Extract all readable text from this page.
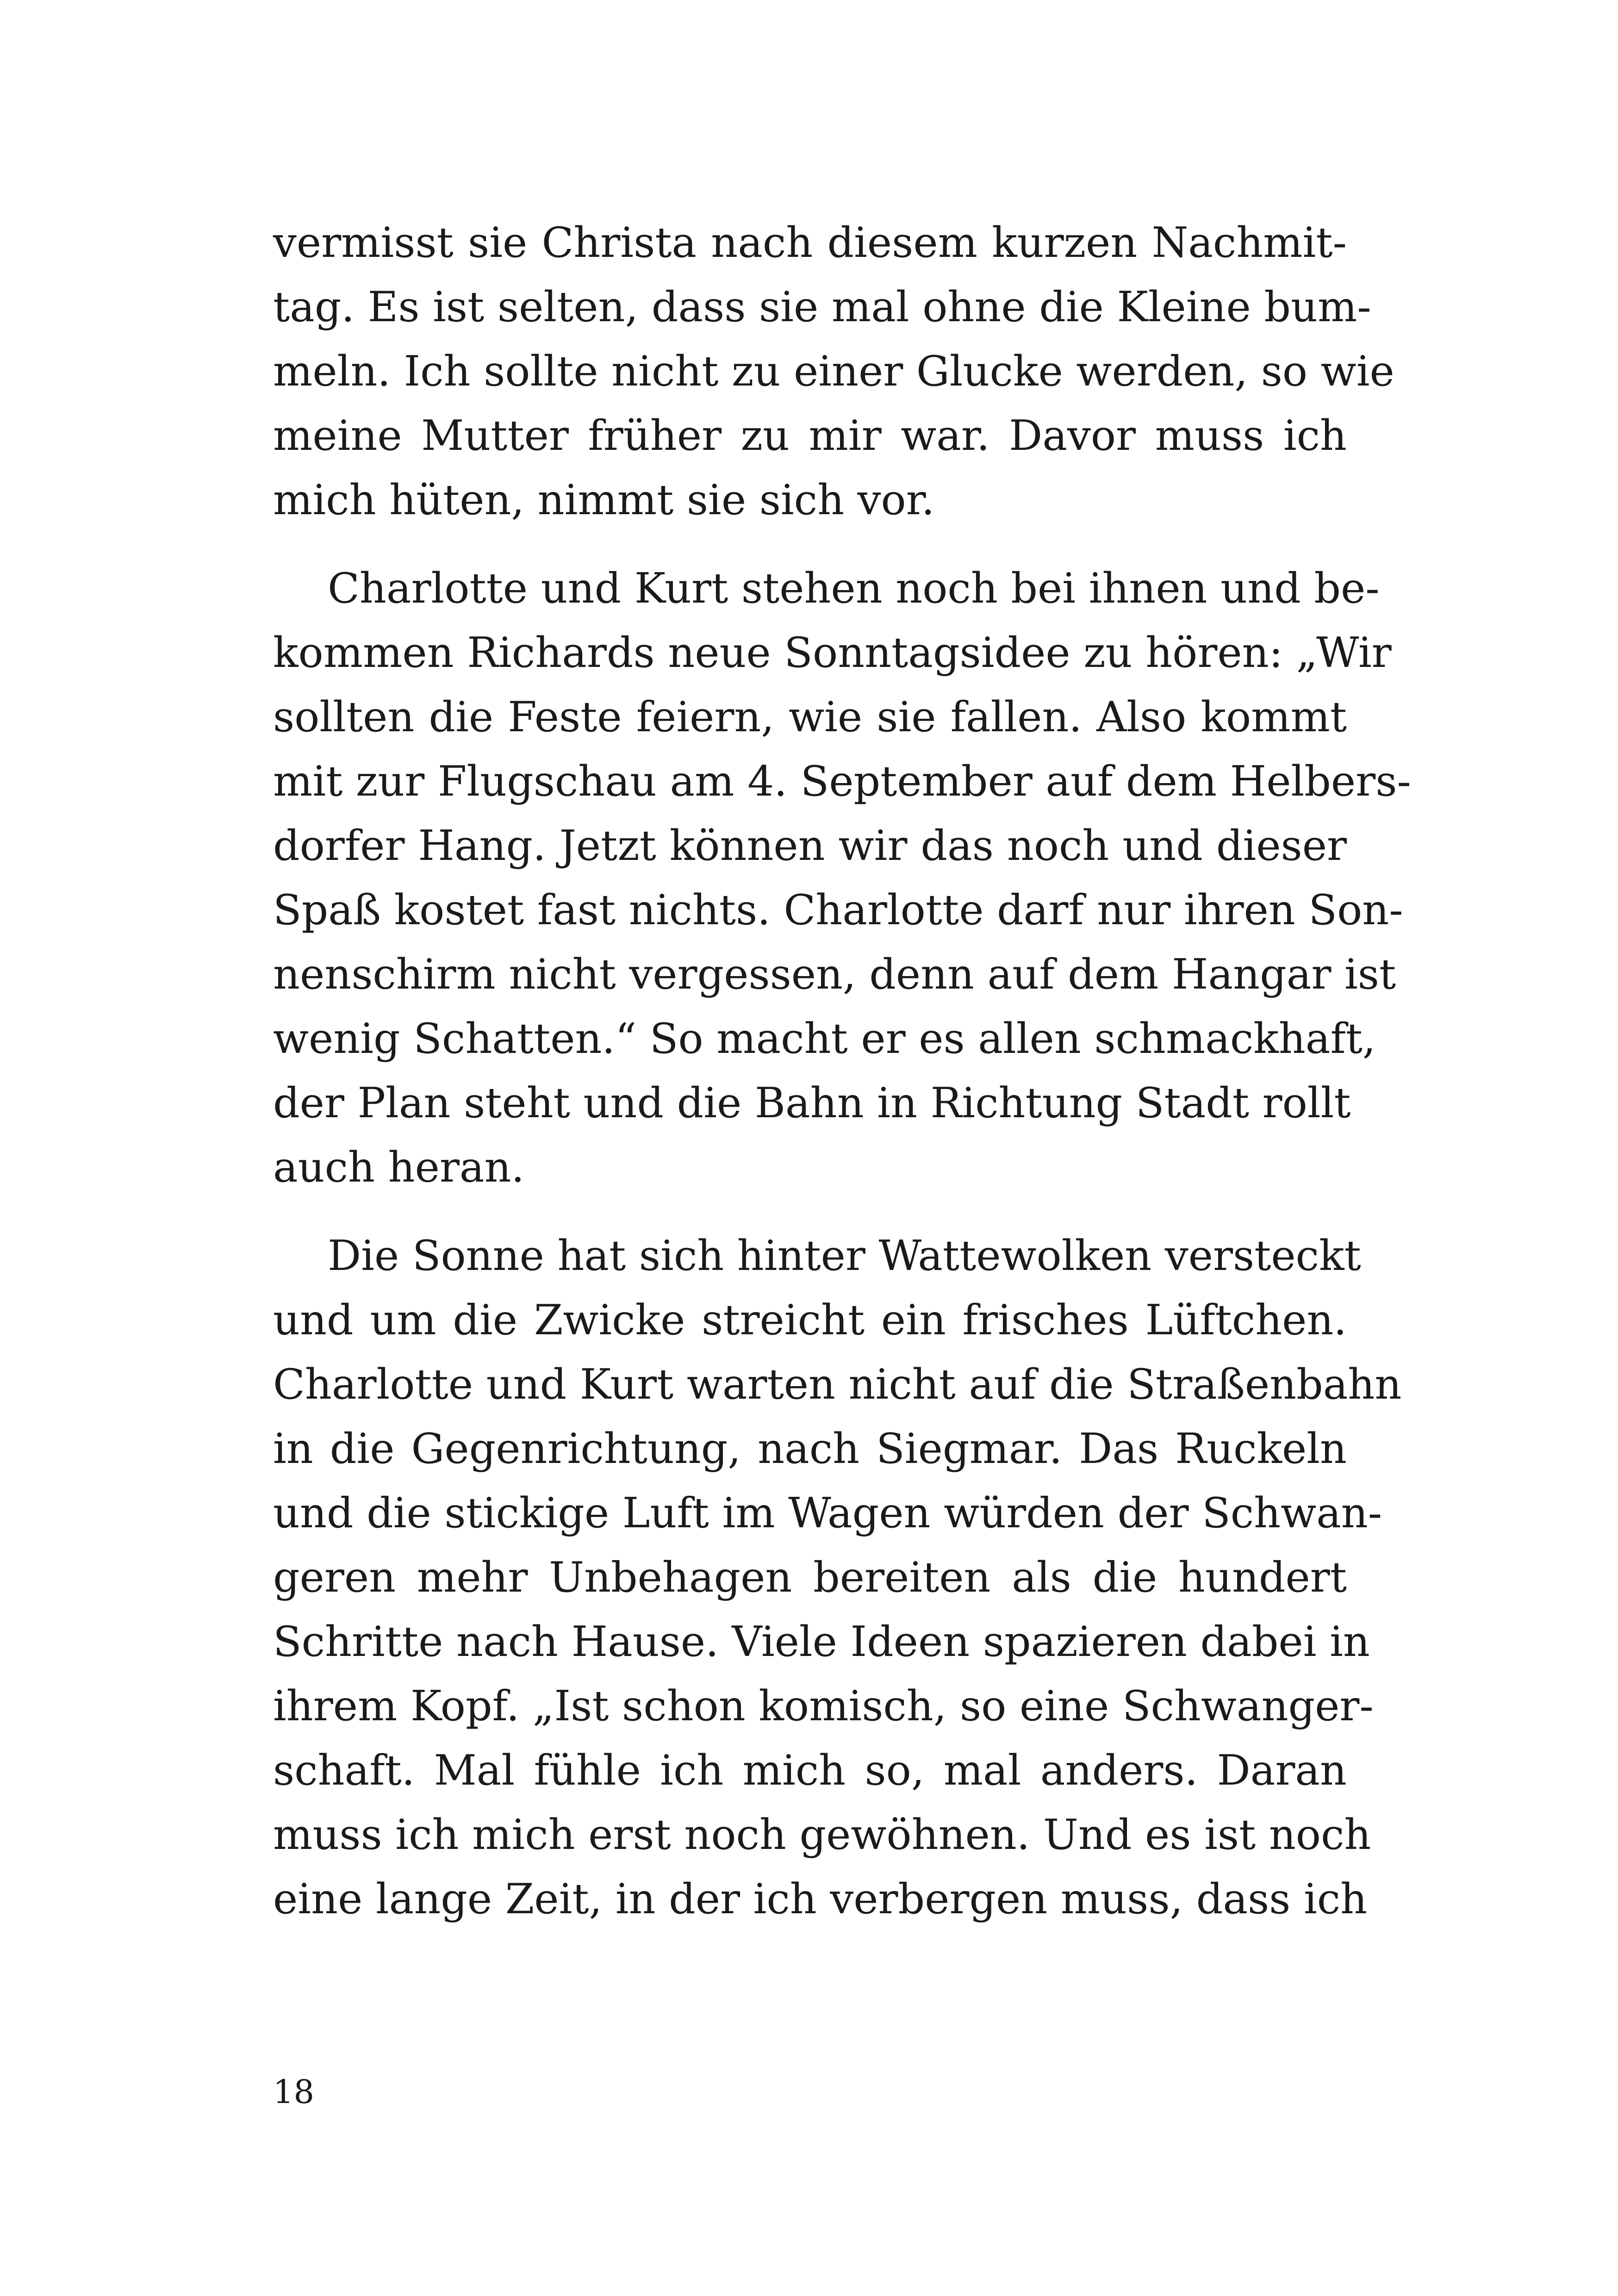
vermisst sie Christa nach diesem kurzen Nachmit-
tag. Es ist selten, dass sie mal ohne die Kleine bum-
meln. Ich sollte nicht zu einer Glucke werden, so wie
meine Mutter früher zu mir war. Davor muss ich
mich hüten, nimmt sie sich vor.
Charlotte und Kurt stehen noch bei ihnen und be-
kommen Richards neue Sonntagsidee zu hören: „Wir
sollten die Feste feiern, wie sie fallen. Also kommt
mit zur Flugschau am 4. September auf dem Helbers-
dorfer Hang. Jetzt können wir das noch und dieser
Spaß kostet fast nichts. Charlotte darf nur ihren Son-
nenschirm nicht vergessen, denn auf dem Hangar ist
wenig Schatten.“ So macht er es allen schmackhaft,
der Plan steht und die Bahn in Richtung Stadt rollt
auch heran.
Die Sonne hat sich hinter Wattewolken versteckt
und um die Zwicke streicht ein frisches Lüftchen.
Charlotte und Kurt warten nicht auf die Straßenbahn
in die Gegenrichtung, nach Siegmar. Das Ruckeln
und die stickige Luft im Wagen würden der Schwan-
geren mehr Unbehagen bereiten als die hundert
Schritte nach Hause. Viele Ideen spazieren dabei in
ihrem Kopf. „Ist schon komisch, so eine Schwanger-
schaft. Mal fühle ich mich so, mal anders. Daran
muss ich mich erst noch gewöhnen. Und es ist noch
eine lange Zeit, in der ich verbergen muss, dass ich
18
